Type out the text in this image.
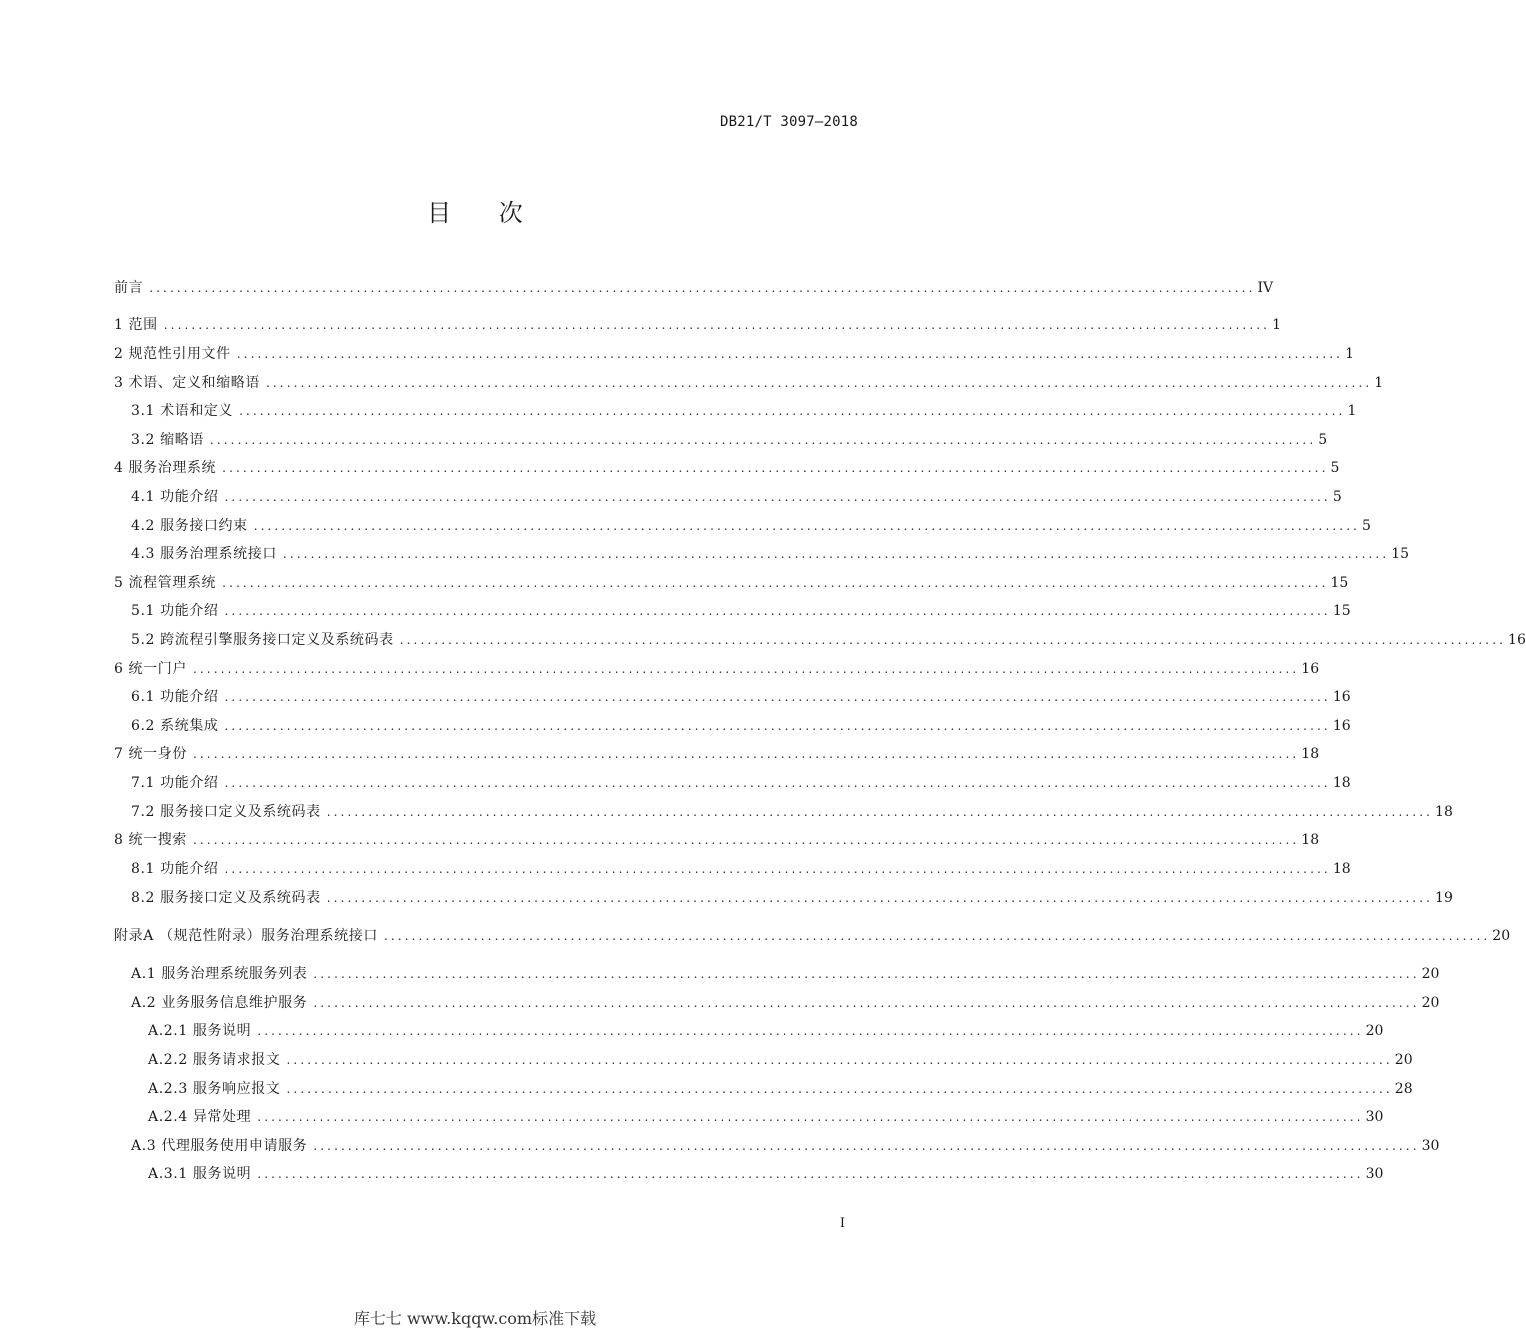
DB21/T 3097—2018
目 次
前言 ................................................................................................................................................................ IV
1 范围 ................................................................................................................................................................ 1
2 规范性引用文件 ................................................................................................................................................................ 1
3 术语、定义和缩略语 ................................................................................................................................................................ 1
3.1 术语和定义 ................................................................................................................................................................ 1
3.2 缩略语 ................................................................................................................................................................ 5
4 服务治理系统 ................................................................................................................................................................ 5
4.1 功能介绍 ................................................................................................................................................................ 5
4.2 服务接口约束 ................................................................................................................................................................ 5
4.3 服务治理系统接口 ................................................................................................................................................................ 15
5 流程管理系统 ................................................................................................................................................................ 15
5.1 功能介绍 ................................................................................................................................................................ 15
5.2 跨流程引擎服务接口定义及系统码表 ................................................................................................................................................................ 16
6 统一门户 ................................................................................................................................................................ 16
6.1 功能介绍 ................................................................................................................................................................ 16
6.2 系统集成 ................................................................................................................................................................ 16
7 统一身份 ................................................................................................................................................................ 18
7.1 功能介绍 ................................................................................................................................................................ 18
7.2 服务接口定义及系统码表 ................................................................................................................................................................ 18
8 统一搜索 ................................................................................................................................................................ 18
8.1 功能介绍 ................................................................................................................................................................ 18
8.2 服务接口定义及系统码表 ................................................................................................................................................................ 19
附录A （规范性附录）服务治理系统接口 ................................................................................................................................................................ 20
A.1 服务治理系统服务列表 ................................................................................................................................................................ 20
A.2 业务服务信息维护服务 ................................................................................................................................................................ 20
A.2.1 服务说明 ................................................................................................................................................................ 20
A.2.2 服务请求报文 ................................................................................................................................................................ 20
A.2.3 服务响应报文 ................................................................................................................................................................ 28
A.2.4 异常处理 ................................................................................................................................................................ 30
A.3 代理服务使用申请服务 ................................................................................................................................................................ 30
A.3.1 服务说明 ................................................................................................................................................................ 30
I
库七七 www.kqqw.com标准下载
